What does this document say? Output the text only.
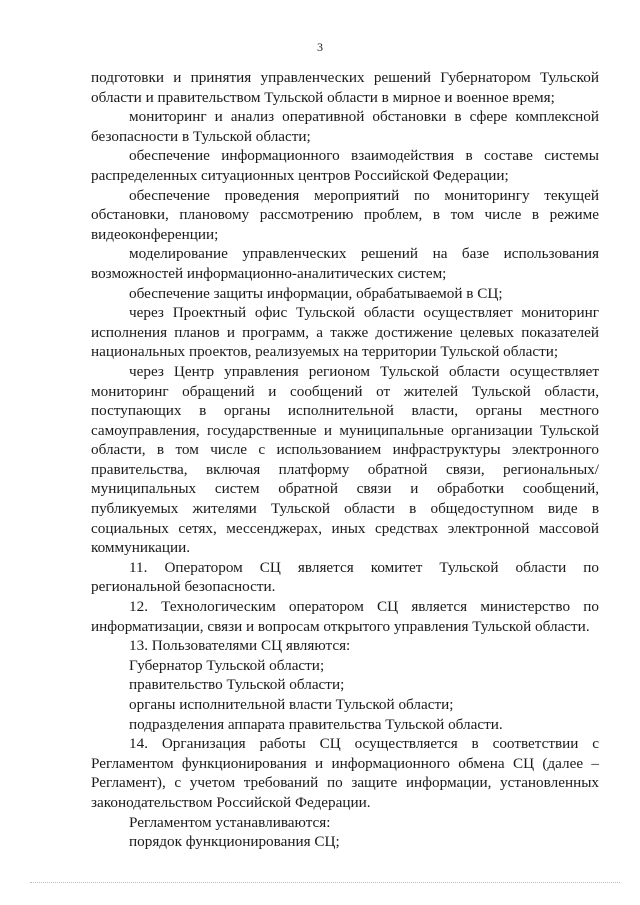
3

подготовки и принятия управленческих решений Губернатором Тульской области и правительством Тульской области в мирное и военное время;

мониторинг и анализ оперативной обстановки в сфере комплексной безопасности в Тульской области;

обеспечение информационного взаимодействия в составе системы распределенных ситуационных центров Российской Федерации;

обеспечение проведения мероприятий по мониторингу текущей обстановки, плановому рассмотрению проблем, в том числе в режиме видеоконференции;

моделирование управленческих решений на базе использования возможностей информационно-аналитических систем;

обеспечение защиты информации, обрабатываемой в СЦ;

через Проектный офис Тульской области осуществляет мониторинг исполнения планов и программ, а также достижение целевых показателей национальных проектов, реализуемых на территории Тульской области;

через Центр управления регионом Тульской области осуществляет мониторинг обращений и сообщений от жителей Тульской области, поступающих в органы исполнительной власти, органы местного самоуправления, государственные и муниципальные организации Тульской области, в том числе с использованием инфраструктуры электронного правительства, включая платформу обратной связи, региональных/муниципальных систем обратной связи и обработки сообщений, публикуемых жителями Тульской области в общедоступном виде в социальных сетях, мессенджерах, иных средствах электронной массовой коммуникации.

11. Оператором СЦ является комитет Тульской области по региональной безопасности.

12. Технологическим оператором СЦ является министерство по информатизации, связи и вопросам открытого управления Тульской области.

13. Пользователями СЦ являются:

Губернатор Тульской области;

правительство Тульской области;

органы исполнительной власти Тульской области;

подразделения аппарата правительства Тульской области.

14. Организация работы СЦ осуществляется в соответствии с Регламентом функционирования и информационного обмена СЦ (далее – Регламент), с учетом требований по защите информации, установленных законодательством Российской Федерации.

Регламентом устанавливаются:

порядок функционирования СЦ;
